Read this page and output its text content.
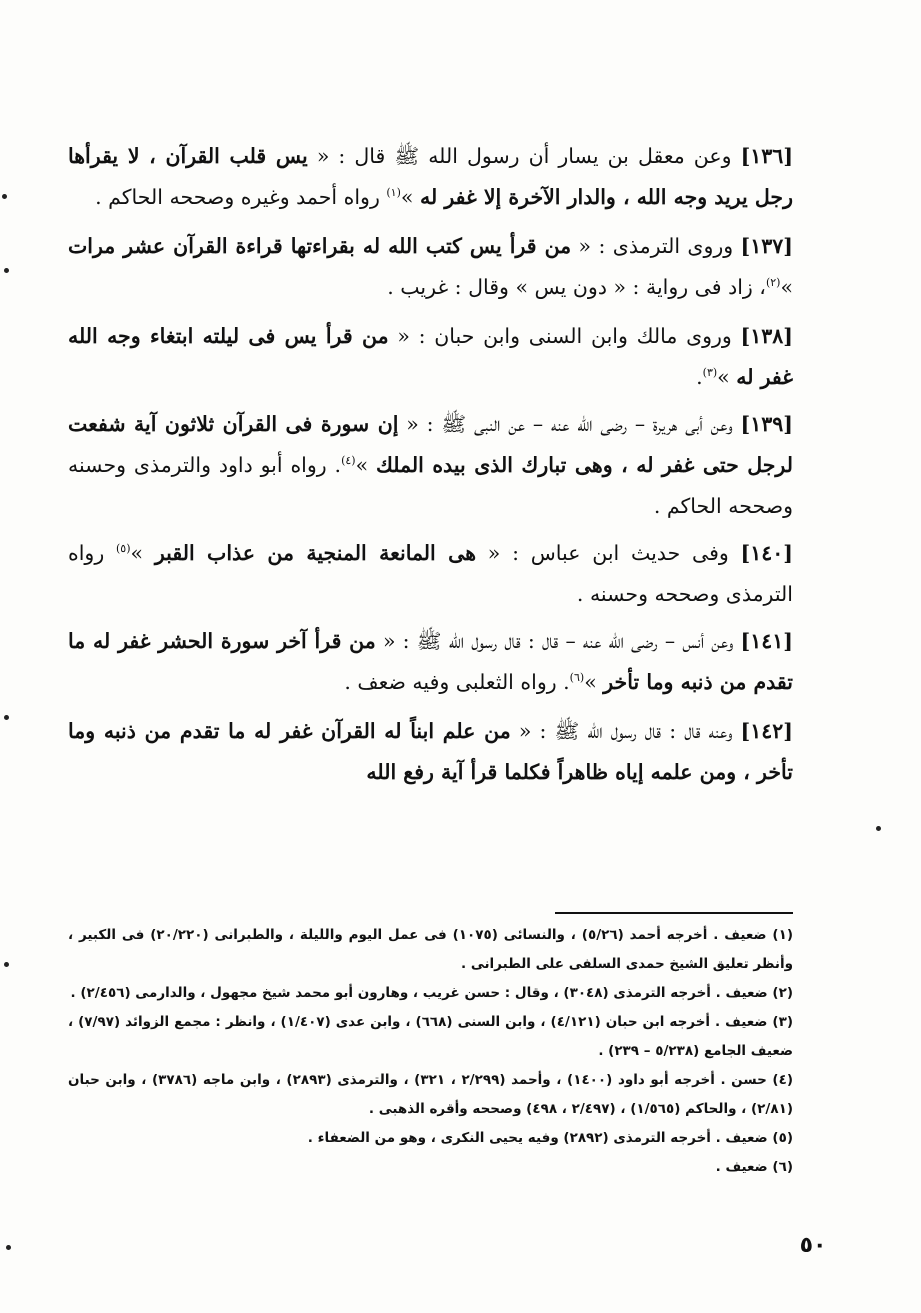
[١٣٦] وعن معقل بن يسار أن رسول الله ﷺ قال : « يس قلب القرآن ، لا يقرأها رجل يريد وجه الله ، والدار الآخرة إلا غفر له »$^{(١)}$ رواه أحمد وغيره وصححه الحاكم .

[١٣٧] وروى الترمذى : « من قرأ يس كتب الله له بقراءتها قراءة القرآن عشر مرات »$^{(٢)}$، زاد فى رواية : « دون يس » وقال : غريب .

[١٣٨] وروى مالك وابن السنى وابن حبان : « من قرأ يس فى ليلته ابتغاء وجه الله غفر له »$^{(٣)}$.

[١٣٩] وعن أبى هريرة – رضى الله عنه – عن النبى ﷺ : « إن سورة فى القرآن ثلاثون آية شفعت لرجل حتى غفر له ، وهى تبارك الذى بيده الملك »$^{(٤)}$. رواه أبو داود والترمذى وحسنه وصححه الحاكم .

[١٤٠] وفى حديث ابن عباس : « هى المانعة المنجية من عذاب القبر »$^{(٥)}$ رواه الترمذى وصححه وحسنه .

[١٤١] وعن أنس – رضى الله عنه – قال : قال رسول الله ﷺ : « من قرأ آخر سورة الحشر غفر له ما تقدم من ذنبه وما تأخر »$^{(٦)}$. رواه الثعلبى وفيه ضعف .

[١٤٢] وعنه قال : قال رسول الله ﷺ : « من علم ابناً له القرآن غفر له ما تقدم من ذنبه وما تأخر ، ومن علمه إياه ظاهراً فكلما قرأ آية رفع الله

(١) ضعيف . أخرجه أحمد (٥/٢٦) ، والنسائى (١٠٧٥) فى عمل اليوم والليلة ، والطبرانى (٢٠/٢٢٠) فى الكبير ، وأنظر تعليق الشيخ حمدى السلفى على الطبرانى .

(٢) ضعيف . أخرجه الترمذى (٣٠٤٨) ، وقال : حسن غريب ، وهارون أبو محمد شيخ مجهول ، والدارمى (٢/٤٥٦) .

(٣) ضعيف . أخرجه ابن حبان (٤/١٢١) ، وابن السنى (٦٦٨) ، وابن عدى (١/٤٠٧) ، وانظر : مجمع الزوائد (٧/٩٧) ، ضعيف الجامع (٥/٢٣٨ – ٢٣٩) .

(٤) حسن . أخرجه أبو داود (١٤٠٠) ، وأحمد (٢/٢٩٩ ، ٣٢١) ، والترمذى (٢٨٩٣) ، وابن ماجه (٣٧٨٦) ، وابن حبان (٢/٨١) ، والحاكم (١/٥٦٥) ، (٢/٤٩٧ ، ٤٩٨) وصححه وأقره الذهبى .

(٥) ضعيف . أخرجه الترمذى (٢٨٩٢) وفيه يحيى النكرى ، وهو من الضعفاء .

(٦) ضعيف .

٥٠
